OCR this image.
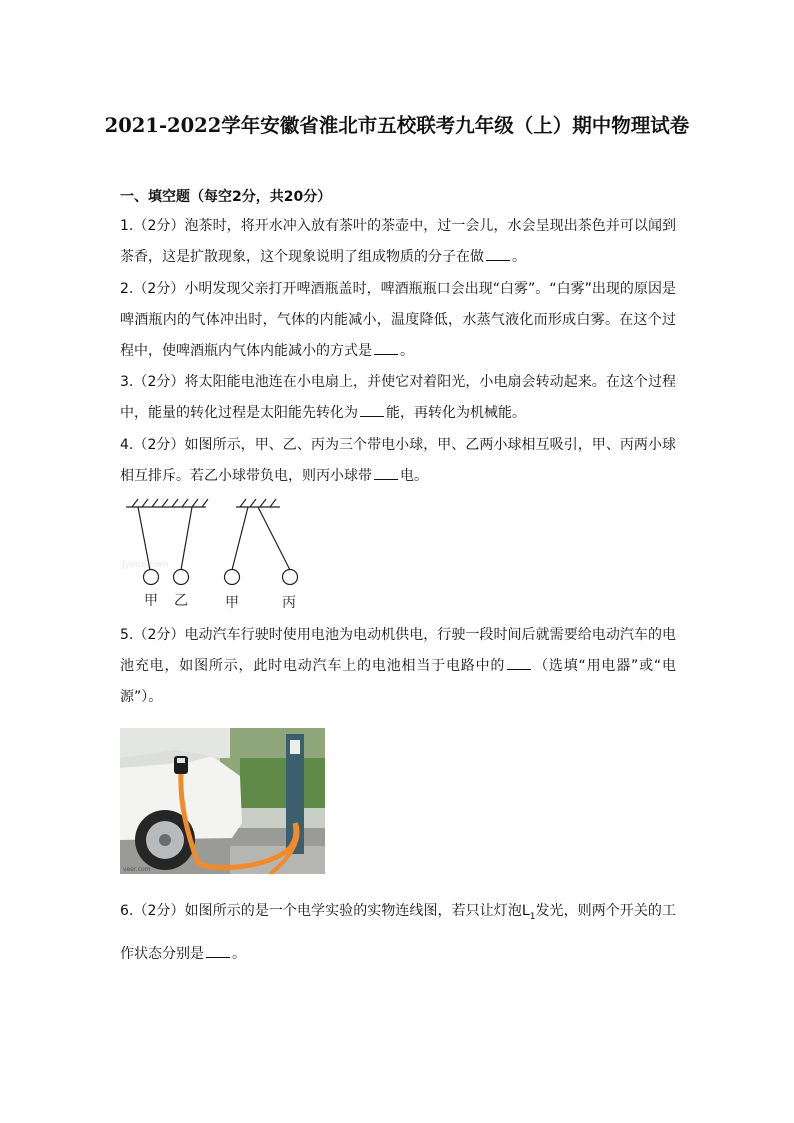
2021-2022学年安徽省淮北市五校联考九年级（上）期中物理试卷
一、填空题（每空2分，共20分）
1.（2分）泡茶时，将开水冲入放有茶叶的茶壶中，过一会儿，水会呈现出茶色并可以闻到茶香，这是扩散现象，这个现象说明了组成物质的分子在做 。
2.（2分）小明发现父亲打开啤酒瓶盖时，啤酒瓶瓶口会出现“白雾”。“白雾”出现的原因是啤酒瓶内的气体冲出时，气体的内能减小，温度降低，水蒸气液化而形成白雾。在这个过程中，使啤酒瓶内气体内能减小的方式是 。
3.（2分）将太阳能电池连在小电扇上，并使它对着阳光，小电扇会转动起来。在这个过程中，能量的转化过程是太阳能先转化为 能，再转化为机械能。
4.（2分）如图所示，甲、乙、丙为三个带电小球，甲、乙两小球相互吸引，甲、丙两小球相互排斥。若乙小球带负电，则丙小球带 电。
Jyeoo.com
甲 乙	甲	丙
5.（2分）电动汽车行驶时使用电池为电动机供电，行驶一段时间后就需要给电动汽车的电池充电，如图所示，此时电动汽车上的电池相当于电路中的 （选填“用电器”或“电源”）。
veer.com
6.（2分）如图所示的是一个电学实验的实物连线图，若只让灯泡$L_1$发光，则两个开关的工作状态分别是 。
